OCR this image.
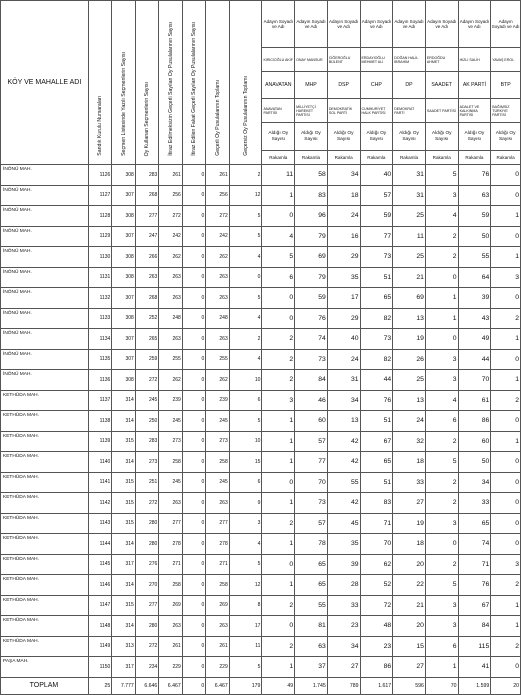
KÖY VE MAHALLE ADI	Sandık Kurulu Numaraları	Seçmen Listesinde Yazılı Seçmenlerin Sayısı	Oy Kullanan Seçmenlerin Sayısı	İtiraz Edilmeksizin Geçerli Sayılan Oy Pusulalarının Sayısı	İtiraz Edilen Fakat Geçerli Sayılan Oy Pusulalarının Sayısı	Geçerli Oy Pusulalarının Toplamı	Geçersiz Oy Pusulalarının Toplamı	Adayın Soyadı ve Adı	Adayın Soyadı ve Adı	Adayın Soyadı ve Adı	Adayın Soyadı ve Adı	Adayın Soyadı ve Adı	Adayın Soyadı ve Adı	Adayın Soyadı ve Adı	Adayın Soyadı ve Adı
								KIRICIOĞLU AKİF	ONAY MANSUR	CİĞEROĞLU BÜLENT	ERDAYIOĞLU MEHMET ALİ	DOĞAN HALİL İBRAHİM	ERDOĞDU AHMET	HIZLI SALİH	YAVAŞ EROL
								ANAVATAN	MHP	DSP	CHP	DP	SAADET	AK PARTİ	BTP
								ANAVATAN PARTİSİ	MİLLİYETÇİ HAREKET PARTİSİ	DEMOKRATİK SOL PARTİ	CUMHURİYET HALK PARTİSİ	DEMOKRAT PARTİ	SAADET PARTİSİ	ADALET VE KALKINMA PARTİSİ	BAĞIMSIZ TÜRKİYE PARTİSİ
								Aldığı Oy Sayısı	Aldığı Oy Sayısı	Aldığı Oy Sayısı	Aldığı Oy Sayısı	Aldığı Oy Sayısı	Aldığı Oy Sayısı	Aldığı Oy Sayısı	Aldığı Oy Sayısı
								Rakamla	Rakamla	Rakamla	Rakamla	Rakamla	Rakamla	Rakamla	Rakamla
İNÖNÜ MAH.	1126	308	283	261	0	261	2	11	58	34	40	31	5	76	0
İNÖNÜ MAH.	1127	307	268	256	0	256	12	1	83	18	57	31	3	63	0
İNÖNÜ MAH.	1128	308	277	272	0	272	5	0	96	24	59	25	4	59	1
İNÖNÜ MAH.	1129	307	247	242	0	242	5	4	79	16	77	11	2	50	0
İNÖNÜ MAH.	1130	308	266	262	0	262	4	5	69	29	73	25	2	55	1
İNÖNÜ MAH.	1131	308	263	263	0	263	0	6	79	35	51	21	0	64	3
İNÖNÜ MAH.	1132	307	268	263	0	263	5	0	59	17	65	69	1	39	0
İNÖNÜ MAH.	1133	308	252	248	0	248	4	0	76	29	82	13	1	43	2
İNÖNÜ MAH.	1134	307	265	263	0	263	2	2	74	40	73	19	0	49	1
İNÖNÜ MAH.	1135	307	259	255	0	255	4	2	73	24	82	26	3	44	0
İNÖNÜ MAH.	1136	308	272	262	0	262	10	2	84	31	44	25	3	70	1
KETHÜDA MAH.	1137	314	245	239	0	239	6	3	46	34	76	13	4	61	2
KETHÜDA MAH.	1138	314	250	245	0	245	5	1	60	13	51	24	6	86	0
KETHÜDA MAH.	1139	315	283	273	0	273	10	1	57	42	67	32	2	60	1
KETHÜDA MAH.	1140	314	273	258	0	258	15	1	77	42	65	18	5	50	0
KETHÜDA MAH.	1141	315	251	245	0	245	6	0	70	55	51	33	2	34	0
KETHÜDA MAH.	1142	315	272	263	0	263	9	1	73	42	83	27	2	33	0
KETHÜDA MAH.	1143	315	280	277	0	277	3	2	57	45	71	19	3	65	0
KETHÜDA MAH.	1144	314	280	278	0	278	4	1	78	35	70	18	0	74	0
KETHÜDA MAH.	1145	317	276	271	0	271	5	0	65	39	62	20	2	71	3
KETHÜDA MAH.	1146	314	270	258	0	258	12	1	65	28	52	22	5	76	2
KETHÜDA MAH.	1147	315	277	269	0	269	8	2	55	33	72	21	3	67	1
KETHÜDA MAH.	1148	314	280	263	0	263	17	0	81	23	48	20	3	84	1
KETHÜDA MAH.	1149	313	272	261	0	261	11	2	63	34	23	15	6	115	2
PAŞA MAH.	1150	317	234	229	0	229	5	1	37	27	86	27	1	41	0
TOPLAM	25	7.777	6.646	6.467	0	6.467	179	49	1.745	789	1.617	596	70	1.599	20
